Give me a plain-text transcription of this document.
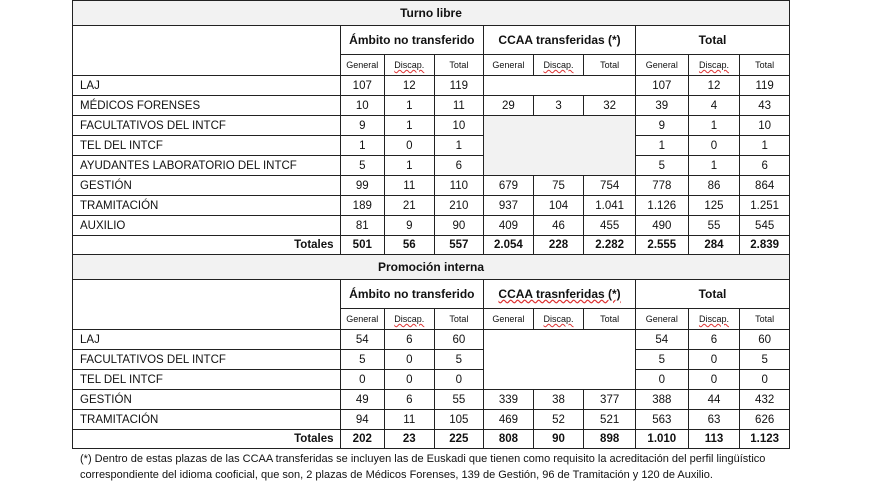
Turno libre									
	Ámbito no transferido			CCAA transferidas (*)			Total		
	General	Discap.	Total	General	Discap.	Total	General	Discap.	Total
LAJ	107	12	119				107	12	119
MÉDICOS FORENSES	10	1	11	29	3	32	39	4	43
FACULTATIVOS DEL INTCF	9	1	10				9	1	10
TEL DEL INTCF	1	0	1				1	0	1
AYUDANTES LABORATORIO DEL INTCF	5	1	6				5	1	6
GESTIÓN	99	11	110	679	75	754	778	86	864
TRAMITACIÓN	189	21	210	937	104	1.041	1.126	125	1.251
AUXILIO	81	9	90	409	46	455	490	55	545
Totales	501	56	557	2.054	228	2.282	2.555	284	2.839
Promoción interna									
	Ámbito no transferido			CCAA trasnferidas (*)			Total		
	General	Discap.	Total	General	Discap.	Total	General	Discap.	Total
LAJ	54	6	60				54	6	60
FACULTATIVOS DEL INTCF	5	0	5				5	0	5
TEL DEL INTCF	0	0	0				0	0	0
GESTIÓN	49	6	55	339	38	377	388	44	432
TRAMITACIÓN	94	11	105	469	52	521	563	63	626
Totales	202	23	225	808	90	898	1.010	113	1.123
(*) Dentro de estas plazas de las CCAA transferidas se incluyen las de Euskadi que tienen como requisito la acreditación del perfil lingüístico correspondiente del idioma cooficial, que son, 2 plazas de Médicos Forenses, 139 de Gestión, 96 de Tramitación y 120 de Auxilio.
